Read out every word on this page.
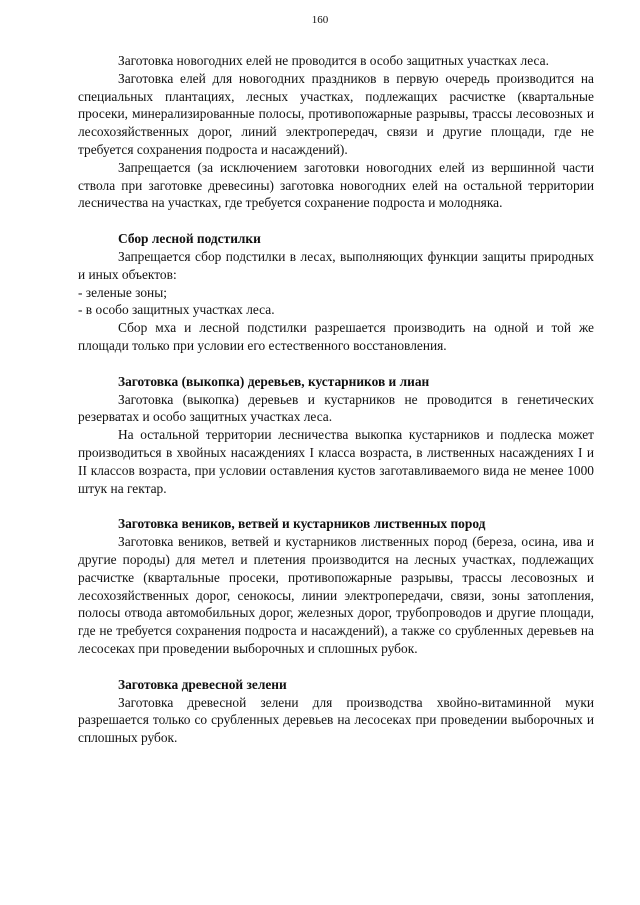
160

Заготовка новогодних елей не проводится в особо защитных участках леса.

Заготовка елей для новогодних праздников в первую очередь производится на специальных плантациях, лесных участках, подлежащих расчистке (квартальные просеки, минерализированные полосы, противопожарные разрывы, трассы лесовозных и лесохозяйственных дорог, линий электропередач, связи и другие площади, где не требуется сохранения подроста и насаждений).

Запрещается (за исключением заготовки новогодних елей из вершинной части ствола при заготовке древесины) заготовка новогодних елей на остальной территории лесничества на участках, где требуется сохранение подроста и молодняка.

Сбор лесной подстилки

Запрещается сбор подстилки в лесах, выполняющих функции защиты природных и иных объектов:

- зеленые зоны;

- в особо защитных участках леса.

Сбор мха и лесной подстилки разрешается производить на одной и той же площади только при условии его естественного восстановления.

Заготовка (выкопка) деревьев, кустарников и лиан

Заготовка (выкопка) деревьев и кустарников не проводится в генетических резерватах и особо защитных участках леса.

На остальной территории лесничества выкопка кустарников и подлеска может производиться в хвойных насаждениях I класса возраста, в лиственных насаждениях I и II классов возраста, при условии оставления кустов заготавливаемого вида не менее 1000 штук на гектар.

Заготовка веников, ветвей и кустарников лиственных пород

Заготовка веников, ветвей и кустарников лиственных пород (береза, осина, ива и другие породы) для метел и плетения производится на лесных участках, подлежащих расчистке (квартальные просеки, противопожарные разрывы, трассы лесовозных и лесохозяйственных дорог, сенокосы, линии электропередачи, связи, зоны затопления, полосы отвода автомобильных дорог, железных дорог, трубопроводов и другие площади, где не требуется сохранения подроста и насаждений), а также со срубленных деревьев на лесосеках при проведении выборочных и сплошных рубок.

Заготовка древесной зелени

Заготовка древесной зелени для производства хвойно-витаминной муки разрешается только со срубленных деревьев на лесосеках при проведении выборочных и сплошных рубок.
